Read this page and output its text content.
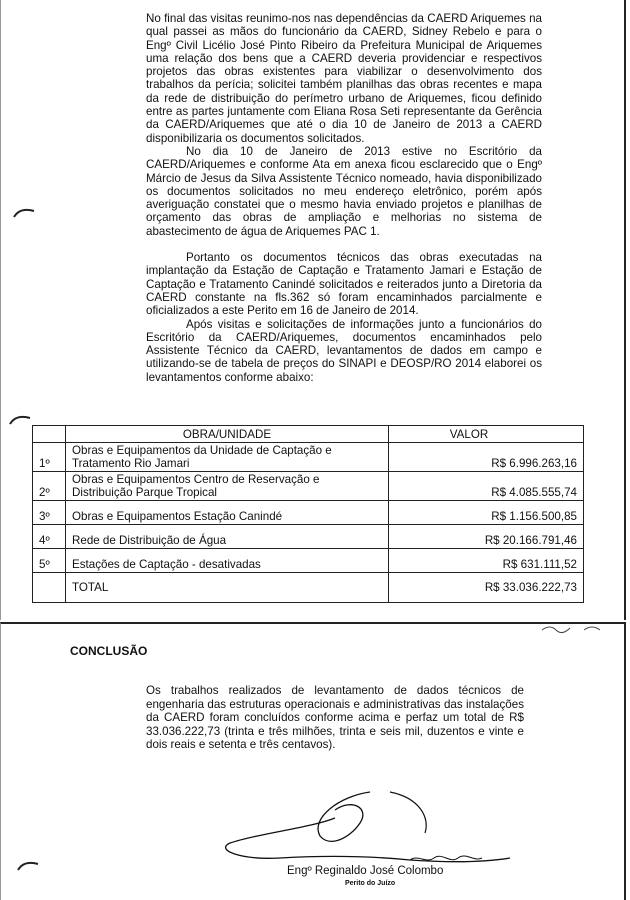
No final das visitas reunimo-nos nas dependências da CAERD Ariquemes na qual passei as mãos do funcionário da CAERD, Sidney Rebelo e para o Engº Civil Licélio José Pinto Ribeiro da Prefeitura Municipal de Ariquemes uma relação dos bens que a CAERD deveria providenciar e respectivos projetos das obras existentes para viabilizar o desenvolvimento dos trabalhos da perícia; solicitei também planilhas das obras recentes e mapa da rede de distribuição do perímetro urbano de Ariquemes, ficou definido entre as partes juntamente com Eliana Rosa Seti representante da Gerência da CAERD/Ariquemes que até o dia 10 de Janeiro de 2013 a CAERD disponibilizaria os documentos solicitados.

No dia 10 de Janeiro de 2013 estive no Escritório da CAERD/Ariquemes e conforme Ata em anexa ficou esclarecido que o Engº Márcio de Jesus da Silva Assistente Técnico nomeado, havia disponibilizado os documentos solicitados no meu endereço eletrônico, porém após averiguação constatei que o mesmo havia enviado projetos e planilhas de orçamento das obras de ampliação e melhorias no sistema de abastecimento de água de Ariquemes PAC 1.

Portanto os documentos técnicos das obras executadas na implantação da Estação de Captação e Tratamento Jamari e Estação de Captação e Tratamento Canindé solicitados e reiterados junto a Diretoria da CAERD constante na fls.362 só foram encaminhados parcialmente e oficializados a este Perito em 16 de Janeiro de 2014.

Após visitas e solicitações de informações junto a funcionários do Escritório da CAERD/Ariquemes, documentos encaminhados pelo Assistente Técnico da CAERD, levantamentos de dados em campo e utilizando-se de tabela de preços do SINAPI e DEOSP/RO 2014 elaborei os levantamentos conforme abaixo:

	OBRA/UNIDADE	VALOR
1º	Obras e Equipamentos da Unidade de Captação e Tratamento Rio Jamari	R$ 6.996.263,16
2º	Obras e Equipamentos Centro de Reservação e Distribuição Parque Tropical	R$ 4.085.555,74
3º	Obras e Equipamentos Estação Canindé	R$ 1.156.500,85
4º	Rede de Distribuição de Água	R$ 20.166.791,46
5º	Estações de Captação - desativadas	R$ 631.111,52
	TOTAL	R$ 33.036.222,73
CONCLUSÃO

Os trabalhos realizados de levantamento de dados técnicos de engenharia das estruturas operacionais e administrativas das instalações da CAERD foram concluídos conforme acima e perfaz um total de R$ 33.036.222,73 (trinta e três milhões, trinta e seis mil, duzentos e vinte e dois reais e setenta e três centavos).

Engº Reginaldo José Colombo

Perito do Juízo
